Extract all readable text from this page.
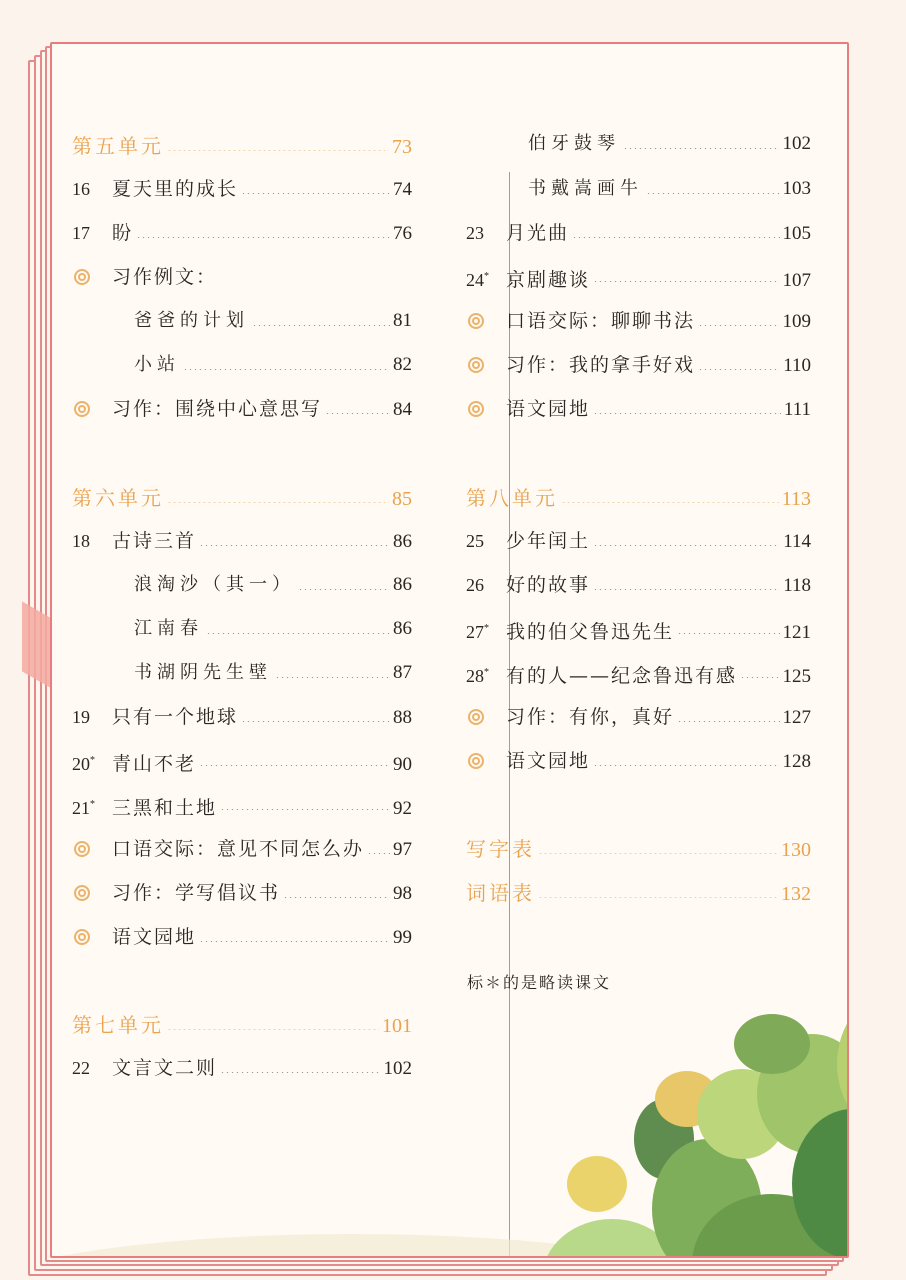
第五单元	73
16	夏天里的成长	74
17	盼	76
习作例文：
爸爸的计划	81
小站	82
习作：围绕中心意思写	84
第六单元	85
18	古诗三首	86
浪淘沙（其一）	86
江南春	86
书湖阴先生壁	87
19	只有一个地球	88
20* 青山不老	90
21* 三黑和土地	92
口语交际：意见不同怎么办 97
习作：学写倡议书	98
语文园地	99
第七单元	101
22	文言文二则	102
伯牙鼓琴	102
书戴嵩画牛	103
23	月光曲	105
24* 京剧趣谈	107
口语交际：聊聊书法	109
习作：我的拿手好戏	110
语文园地	111
第八单元	113
25	少年闰土	114
26	好的故事	118
27* 我的伯父鲁迅先生	121
28* 有的人——纪念鲁迅有感 125
习作：有你，真好	127
语文园地	128
写字表	130
词语表	132
标＊的是略读课文
